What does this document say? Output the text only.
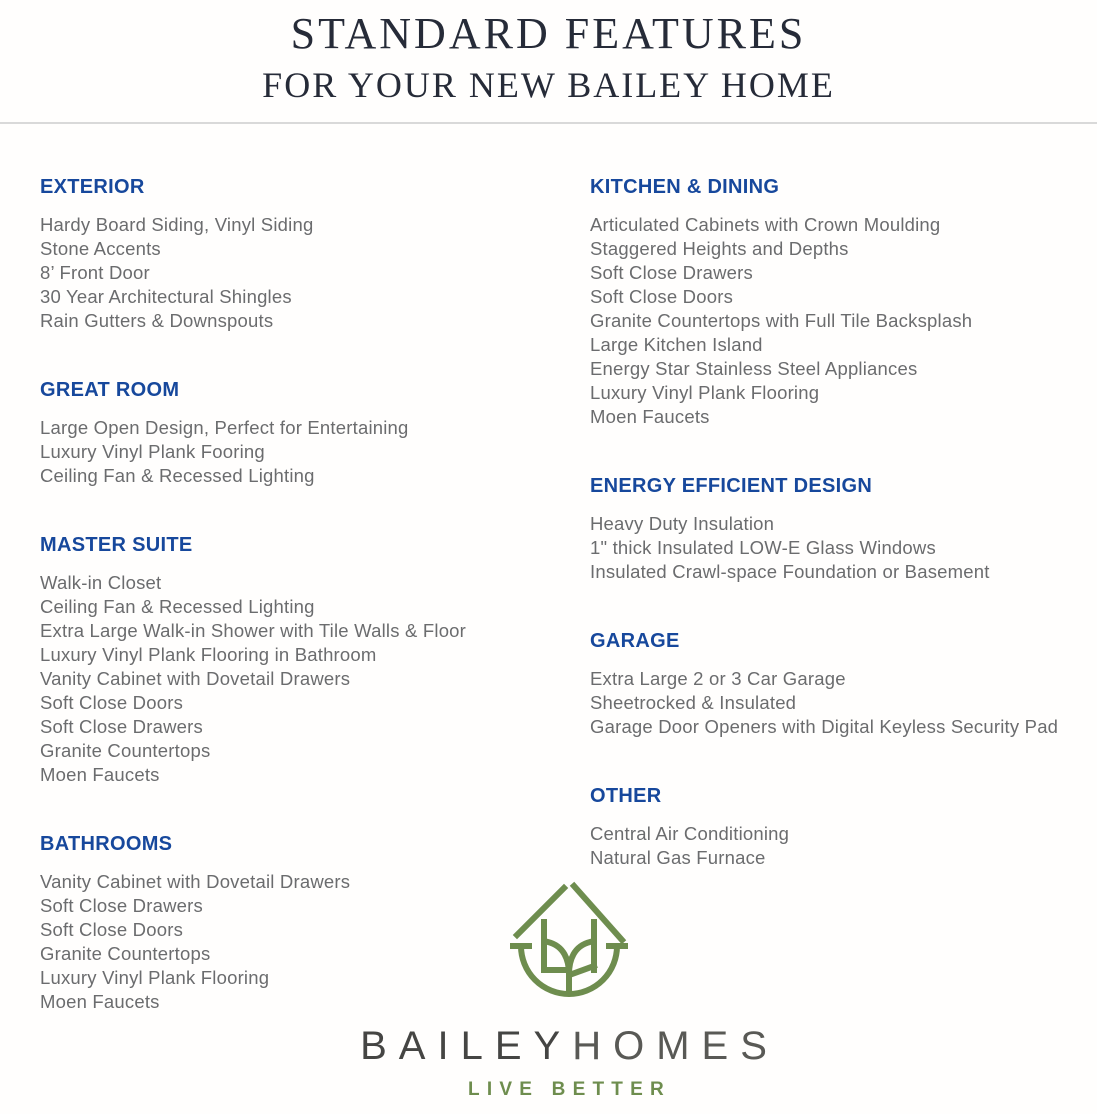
STANDARD FEATURES
FOR YOUR NEW BAILEY HOME
EXTERIOR
Hardy Board Siding, Vinyl Siding
Stone Accents
8’ Front Door
30 Year Architectural Shingles
Rain Gutters & Downspouts
GREAT ROOM
Large Open Design, Perfect for Entertaining
Luxury Vinyl Plank Fooring
Ceiling Fan & Recessed Lighting
MASTER SUITE
Walk-in Closet
Ceiling Fan & Recessed Lighting
Extra Large Walk-in Shower with Tile Walls & Floor
Luxury Vinyl Plank Flooring in Bathroom
Vanity Cabinet with Dovetail Drawers
Soft Close Doors
Soft Close Drawers
Granite Countertops
Moen Faucets
BATHROOMS
Vanity Cabinet with Dovetail Drawers
Soft Close Drawers
Soft Close Doors
Granite Countertops
Luxury Vinyl Plank Flooring
Moen Faucets
KITCHEN & DINING
Articulated Cabinets with Crown Moulding
Staggered Heights and Depths
Soft Close Drawers
Soft Close Doors
Granite Countertops with Full Tile Backsplash
Large Kitchen Island
Energy Star Stainless Steel Appliances
Luxury Vinyl Plank Flooring
Moen Faucets
ENERGY EFFICIENT DESIGN
Heavy Duty Insulation
1" thick Insulated LOW-E Glass Windows
Insulated Crawl-space Foundation or Basement
GARAGE
Extra Large 2 or 3 Car Garage
Sheetrocked & Insulated
Garage Door Openers with Digital Keyless Security Pad
OTHER
Central Air Conditioning
Natural Gas Furnace
BAILEYHOMES
LIVE BETTER
